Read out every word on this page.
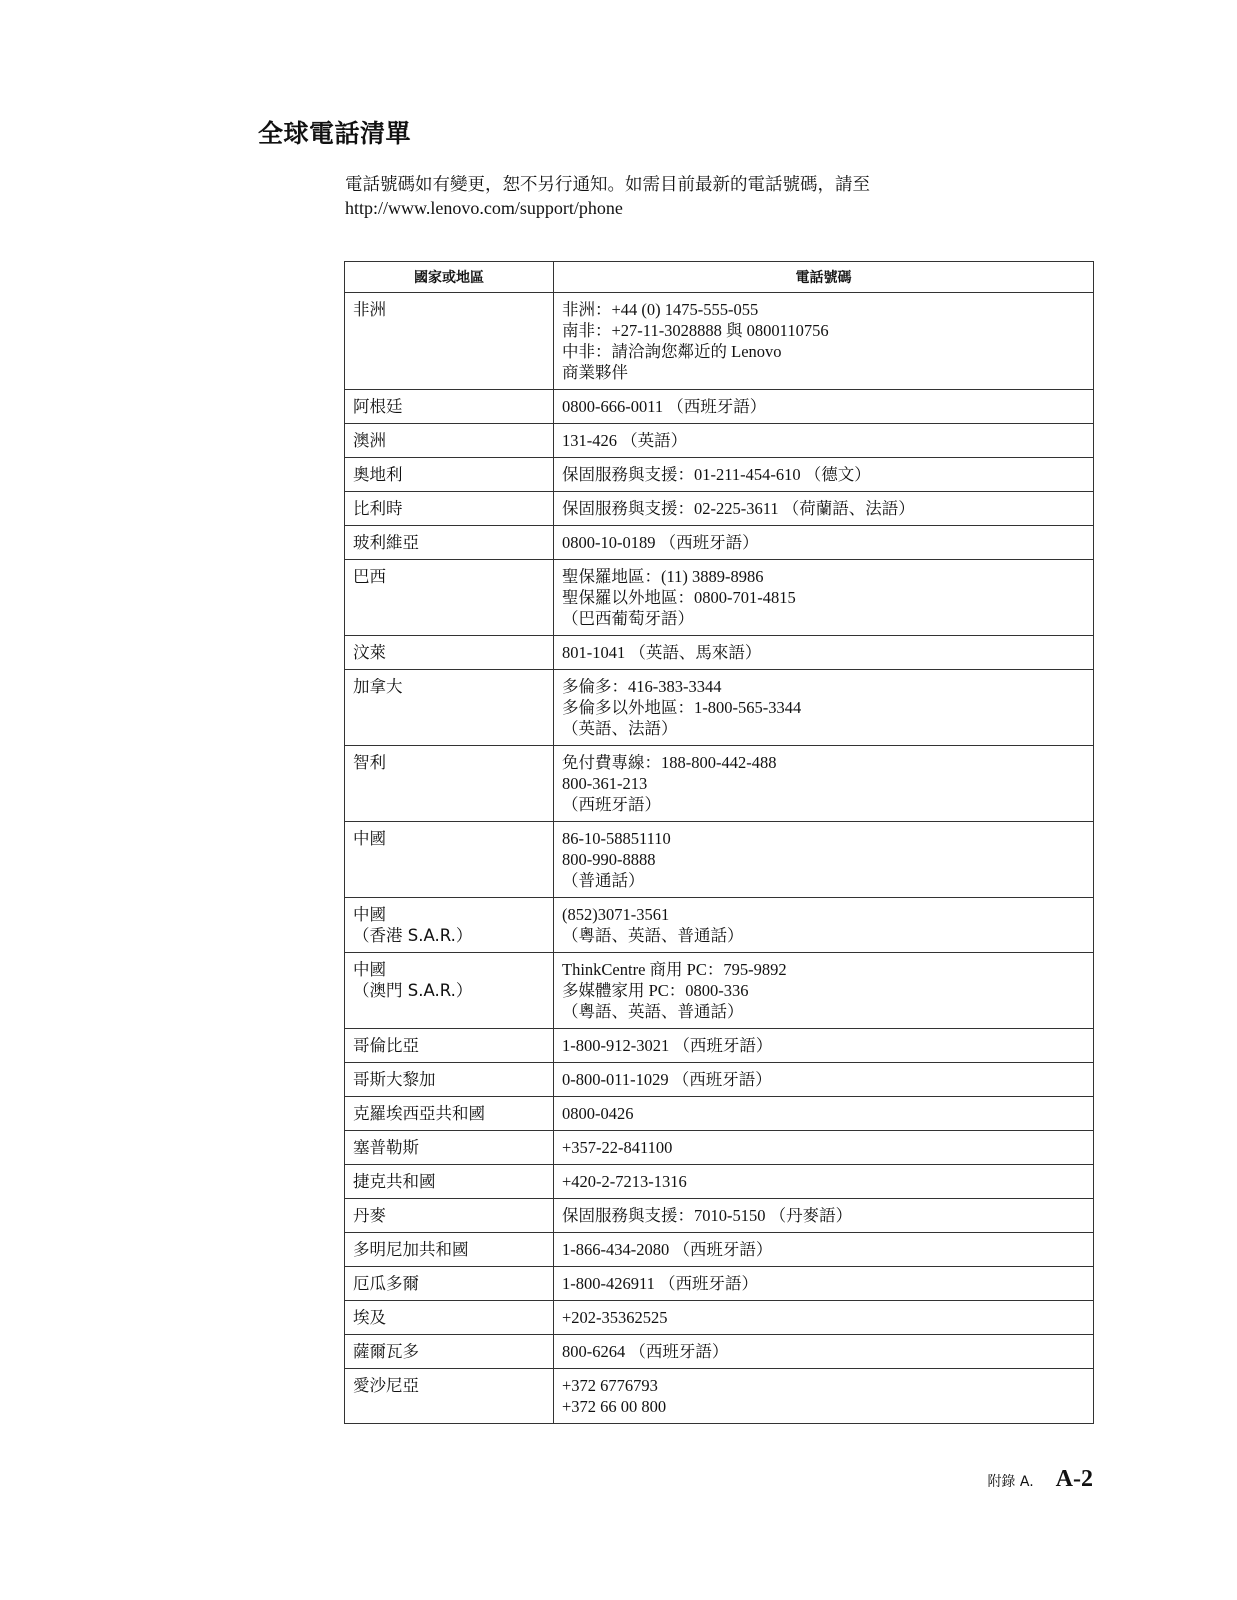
全球電話清單
電話號碼如有變更，恕不另行通知。如需目前最新的電話號碼，請至
http://www.lenovo.com/support/phone
國家或地區	電話號碼

非洲	非洲：+44 (0) 1475-555-055
南非：+27-11-3028888 與 0800110756
中非：請洽詢您鄰近的 Lenovo
商業夥伴

阿根廷	0800-666-0011 （西班牙語）

澳洲	131-426 （英語）

奧地利	保固服務與支援：01-211-454-610 （德文）

比利時	保固服務與支援：02-225-3611 （荷蘭語、法語）

玻利維亞	0800-10-0189 （西班牙語）

巴西	聖保羅地區：(11) 3889-8986
聖保羅以外地區：0800-701-4815
（巴西葡萄牙語）

汶萊	801-1041 （英語、馬來語）

加拿大	多倫多：416-383-3344
多倫多以外地區：1-800-565-3344
（英語、法語）

智利	免付費專線：188-800-442-488
800-361-213
（西班牙語）

中國	86-10-58851110
800-990-8888
（普通話）

中國
（香港 S.A.R.）	(852)3071-3561
（粵語、英語、普通話）

中國
（澳門 S.A.R.）	ThinkCentre 商用 PC：795-9892
多媒體家用 PC：0800-336
（粵語、英語、普通話）

哥倫比亞	1-800-912-3021 （西班牙語）

哥斯大黎加	0-800-011-1029 （西班牙語）

克羅埃西亞共和國	0800-0426

塞普勒斯	+357-22-841100

捷克共和國	+420-2-7213-1316

丹麥	保固服務與支援：7010-5150 （丹麥語）

多明尼加共和國	1-866-434-2080 （西班牙語）

厄瓜多爾	1-800-426911 （西班牙語）

埃及	+202-35362525

薩爾瓦多	800-6264 （西班牙語）

愛沙尼亞	+372 6776793
+372 66 00 800
附錄 A. A-2
